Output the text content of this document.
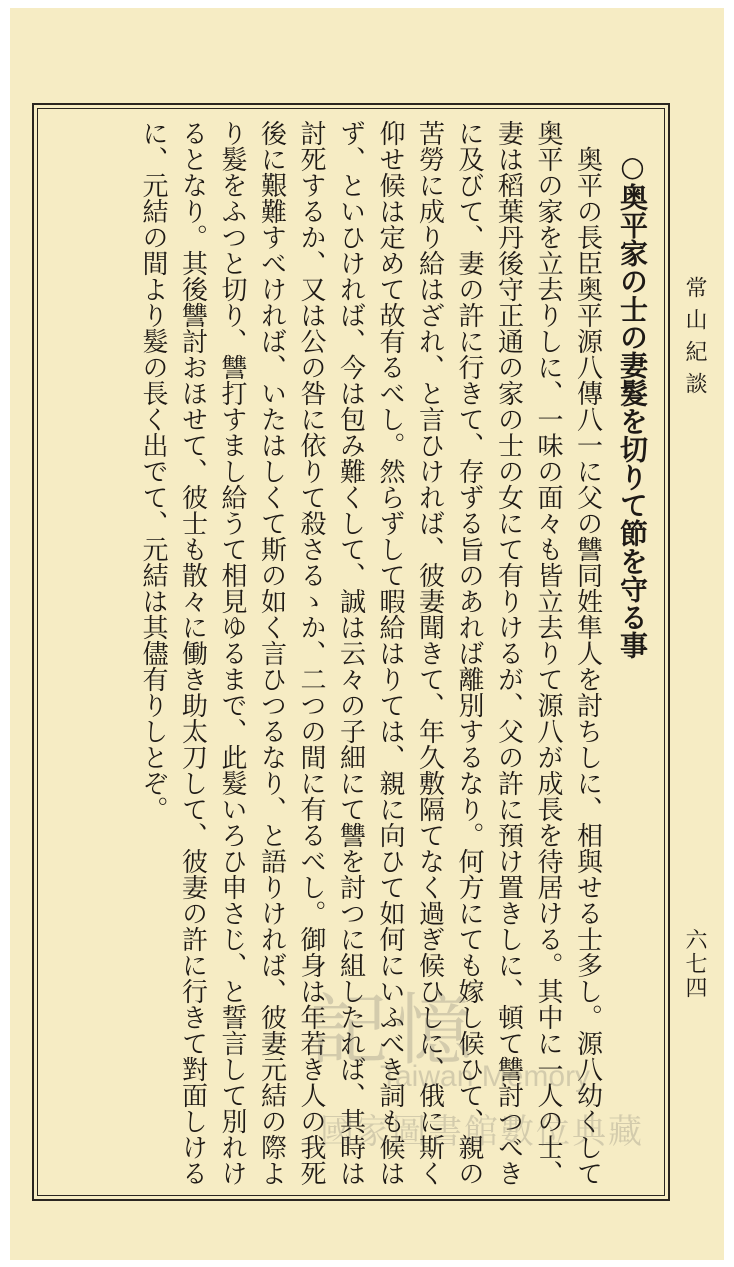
常山紀談
六七四
○奥平家の士の妻髮を切りて節を守る事
奥平の長臣奥平源八傳八一に父の讐同姓隼人を討ちしに、相與せる士多し。源八幼くして奥平の家を立去りしに、一味の面々も皆立去りて源八が成長を待居ける。其中に一人の士、妻は稻葉丹後守正通の家の士の女にて有りけるが、父の許に預け置きしに、頓て讐討つべきに及びて、妻の許に行きて、存ずる旨のあれば離別するなり。何方にても嫁し候ひて、親の苦勞に成り給はざれ、と言ひければ、彼妻聞きて、年久敷隔てなく過ぎ候ひしに、俄に斯く仰せ候は定めて故有るべし。然らずして暇給はりては、親に向ひて如何にいふべき詞も候はず、といひければ、今は包み難くして、誠は云々の子細にて讐を討つに組したれば、其時は討死するか、又は公の咎に依りて殺さるゝか、二つの間に有るべし。御身は年若き人の我死後に艱難すべければ、いたはしくて斯の如く言ひつるなり、と語りければ、彼妻元結の際より髮をふつと切り、讐打すまし給うて相見ゆるまで、此髮いろひ申さじ、と誓言して別れけるとなり。其後讐討おほせて、彼士も散々に働き助太刀して、彼妻の許に行きて對面しけるに、元結の間より髮の長く出でて、元結は其儘有りしとぞ。
記憶
Taiwan Memory
國家圖書館數位典藏
